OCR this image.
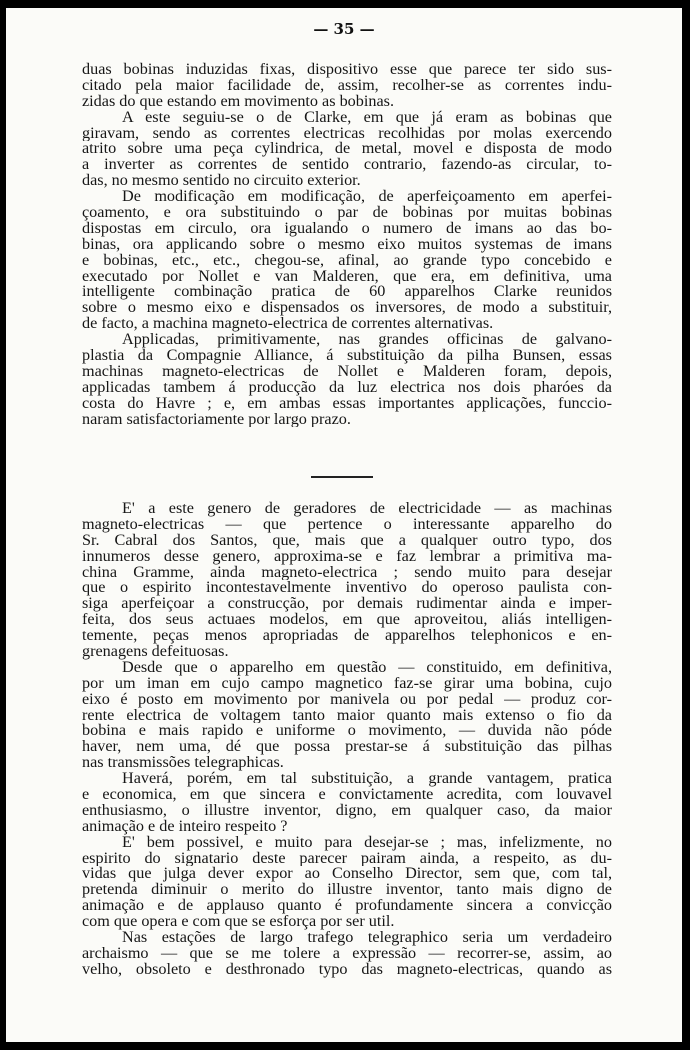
— 35 —
duas bobinas induzidas fixas, dispositivo esse que parece ter sido sus-
citado pela maior facilidade de, assim, recolher-se as correntes indu-
zidas do que estando em movimento as bobinas.
A este seguiu-se o de Clarke, em que já eram as bobinas que
giravam, sendo as correntes electricas recolhidas por molas exercendo
atrito sobre uma peça cylindrica, de metal, movel e disposta de modo
a inverter as correntes de sentido contrario, fazendo-as circular, to-
das, no mesmo sentido no circuito exterior.
De modificação em modificação, de aperfeiçoamento em aperfei-
çoamento, e ora substituindo o par de bobinas por muitas bobinas
dispostas em circulo, ora igualando o numero de imans ao das bo-
binas, ora applicando sobre o mesmo eixo muitos systemas de imans
e bobinas, etc., etc., chegou-se, afinal, ao grande typo concebido e
executado por Nollet e van Malderen, que era, em definitiva, uma
intelligente combinação pratica de 60 apparelhos Clarke reunidos
sobre o mesmo eixo e dispensados os inversores, de modo a substituir,
de facto, a machina magneto-electrica de correntes alternativas.
Applicadas, primitivamente, nas grandes officinas de galvano-
plastia da Compagnie Alliance, á substituição da pilha Bunsen, essas
machinas magneto-electricas de Nollet e Malderen foram, depois,
applicadas tambem á producção da luz electrica nos dois pharóes da
costa do Havre ; e, em ambas essas importantes applicações, funccio-
naram satisfactoriamente por largo prazo.
E' a este genero de geradores de electricidade — as machinas
magneto-electricas — que pertence o interessante apparelho do
Sr. Cabral dos Santos, que, mais que a qualquer outro typo, dos
innumeros desse genero, approxima-se e faz lembrar a primitiva ma-
china Gramme, ainda magneto-electrica ; sendo muito para desejar
que o espirito incontestavelmente inventivo do operoso paulista con-
siga aperfeiçoar a construcção, por demais rudimentar ainda e imper-
feita, dos seus actuaes modelos, em que aproveitou, aliás intelligen-
temente, peças menos apropriadas de apparelhos telephonicos e en-
grenagens defeituosas.
Desde que o apparelho em questão — constituido, em definitiva,
por um iman em cujo campo magnetico faz-se girar uma bobina, cujo
eixo é posto em movimento por manivela ou por pedal — produz cor-
rente electrica de voltagem tanto maior quanto mais extenso o fio da
bobina e mais rapido e uniforme o movimento, — duvida não póde
haver, nem uma, dé que possa prestar-se á substituição das pilhas
nas transmissões telegraphicas.
Haverá, porém, em tal substituição, a grande vantagem, pratica
e economica, em que sincera e convictamente acredita, com louvavel
enthusiasmo, o illustre inventor, digno, em qualquer caso, da maior
animação e de inteiro respeito ?
E' bem possivel, e muito para desejar-se ; mas, infelizmente, no
espirito do signatario deste parecer pairam ainda, a respeito, as du-
vidas que julga dever expor ao Conselho Director, sem que, com tal,
pretenda diminuir o merito do illustre inventor, tanto mais digno de
animação e de applauso quanto é profundamente sincera a convicção
com que opera e com que se esforça por ser util.
Nas estações de largo trafego telegraphico seria um verdadeiro
archaismo — que se me tolere a expressão — recorrer-se, assim, ao
velho, obsoleto e desthronado typo das magneto-electricas, quando as
